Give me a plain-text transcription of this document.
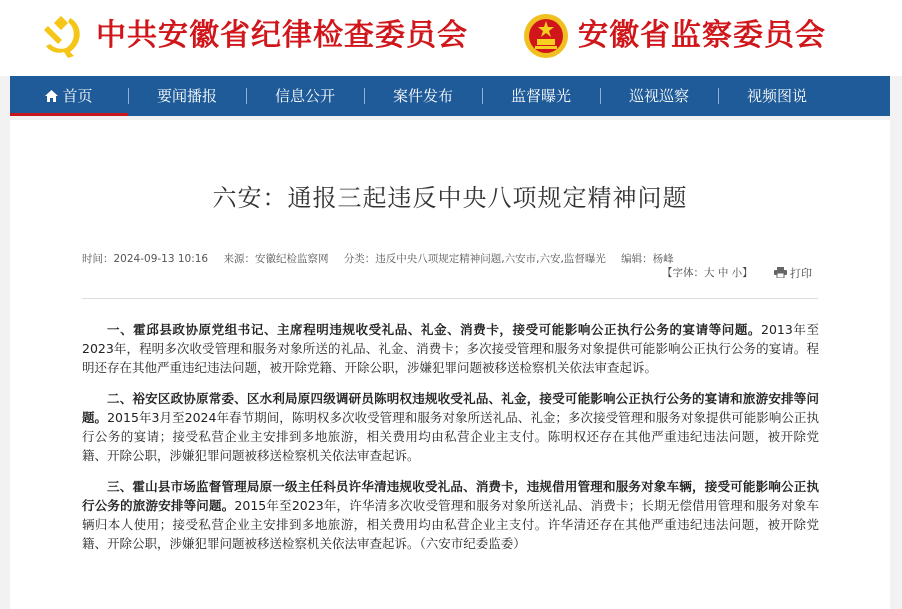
中共安徽省纪律检查委员会	安徽省监察委员会
首页	要闻播报	信息公开	案件发布	监督曝光	巡视巡察	视频图说
六安：通报三起违反中央八项规定精神问题
时间：2024-09-13 10:16 来源：安徽纪检监察网 分类：违反中央八项规定精神问题,六安市,六安,监督曝光 编辑：杨峰
【字体：大 中 小】	打印

一、霍邱县政协原党组书记、主席程明违规收受礼品、礼金、消费卡，接受可能影响公正执行公务的宴请等问题。2013年至2023年，程明多次收受管理和服务对象所送的礼品、礼金、消费卡；多次接受管理和服务对象提供可能影响公正执行公务的宴请。程明还存在其他严重违纪违法问题，被开除党籍、开除公职，涉嫌犯罪问题被移送检察机关依法审查起诉。

二、裕安区政协原常委、区水利局原四级调研员陈明权违规收受礼品、礼金，接受可能影响公正执行公务的宴请和旅游安排等问题。2015年3月至2024年春节期间，陈明权多次收受管理和服务对象所送礼品、礼金；多次接受管理和服务对象提供可能影响公正执行公务的宴请；接受私营企业主安排到多地旅游，相关费用均由私营企业主支付。陈明权还存在其他严重违纪违法问题，被开除党籍、开除公职，涉嫌犯罪问题被移送检察机关依法审查起诉。

三、霍山县市场监督管理局原一级主任科员许华清违规收受礼品、消费卡，违规借用管理和服务对象车辆，接受可能影响公正执行公务的旅游安排等问题。2015年至2023年，许华清多次收受管理和服务对象所送礼品、消费卡；长期无偿借用管理和服务对象车辆归本人使用；接受私营企业主安排到多地旅游，相关费用均由私营企业主支付。许华清还存在其他严重违纪违法问题，被开除党籍、开除公职，涉嫌犯罪问题被移送检察机关依法审查起诉。（六安市纪委监委）
